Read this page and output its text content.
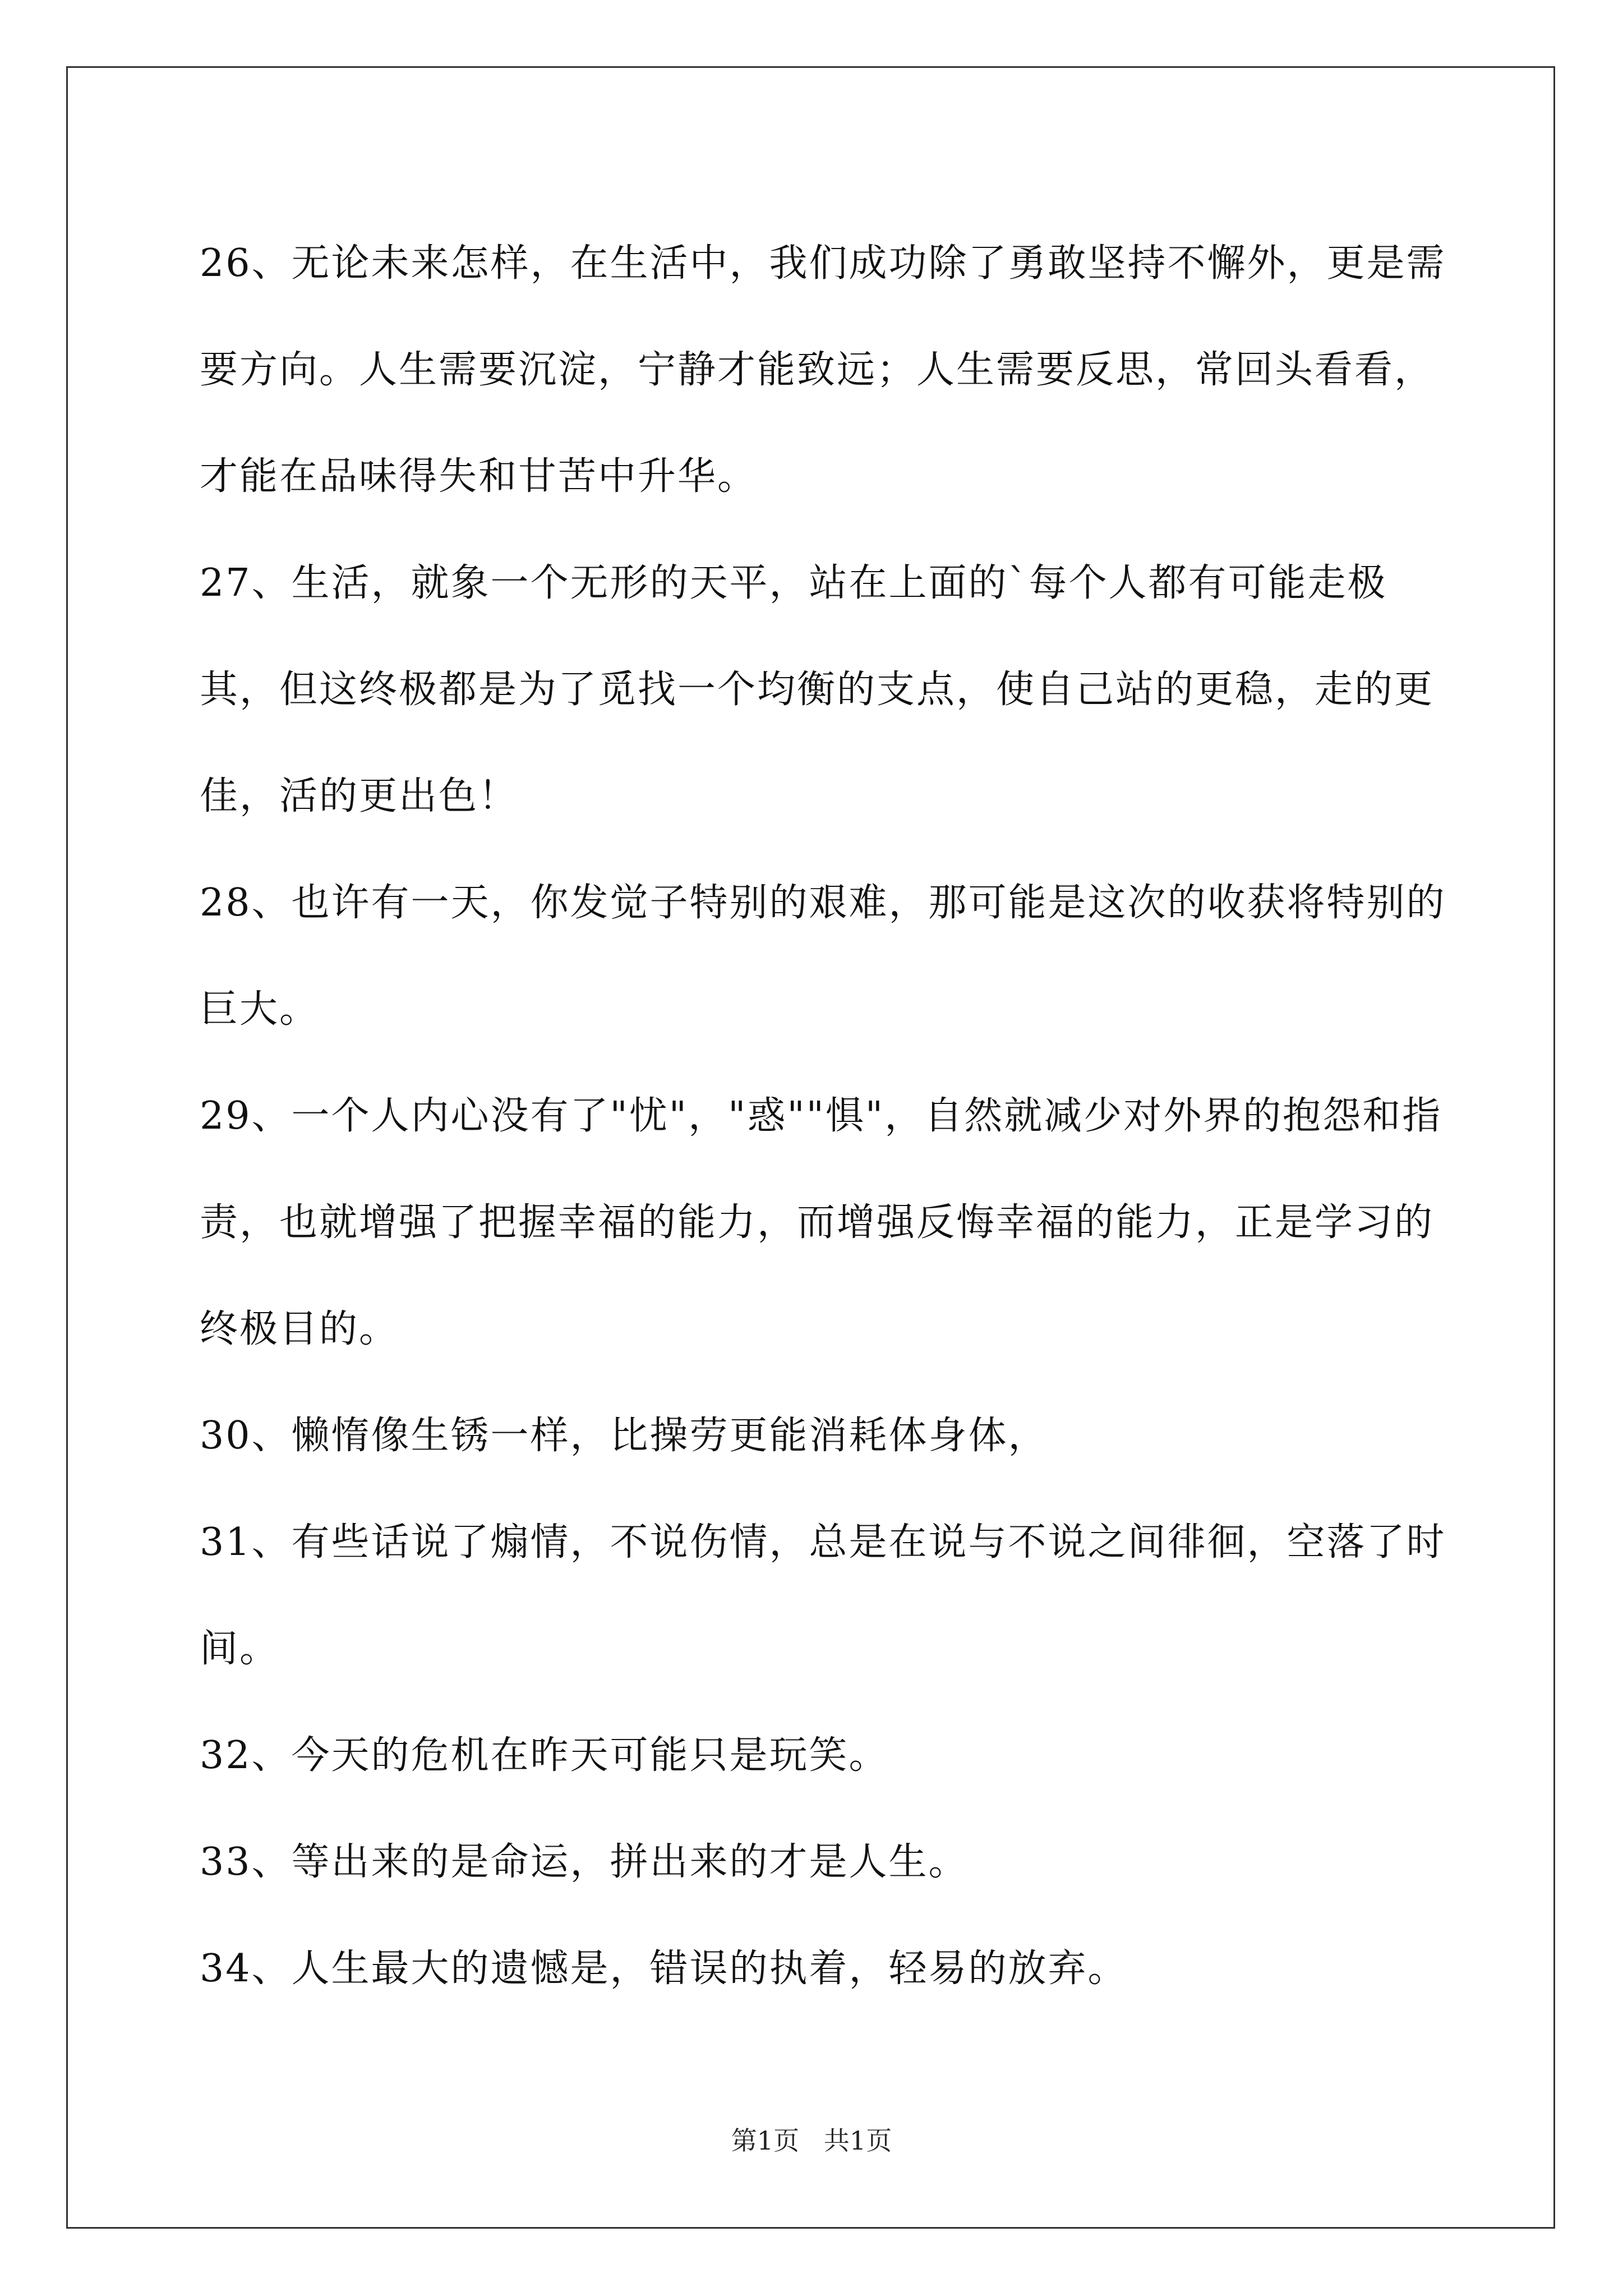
26、无论未来怎样，在生活中，我们成功除了勇敢坚持不懈外，更是需要方向。人生需要沉淀，宁静才能致远；人生需要反思，常回头看看，才能在品味得失和甘苦中升华。

27、生活，就象一个无形的天平，站在上面的`每个人都有可能走极其，但这终极都是为了觅找一个均衡的支点，使自己站的更稳，走的更佳，活的更出色！

28、也许有一天，你发觉子特别的艰难，那可能是这次的收获将特别的巨大。

29、一个人内心没有了"忧"，"惑""惧"，自然就减少对外界的抱怨和指责，也就增强了把握幸福的能力，而增强反悔幸福的能力，正是学习的终极目的。

30、懒惰像生锈一样，比操劳更能消耗体身体，

31、有些话说了煽情，不说伤情，总是在说与不说之间徘徊，空落了时间。

32、今天的危机在昨天可能只是玩笑。

33、等出来的是命运，拼出来的才是人生。

34、人生最大的遗憾是，错误的执着，轻易的放弃。

第1页   共1页
